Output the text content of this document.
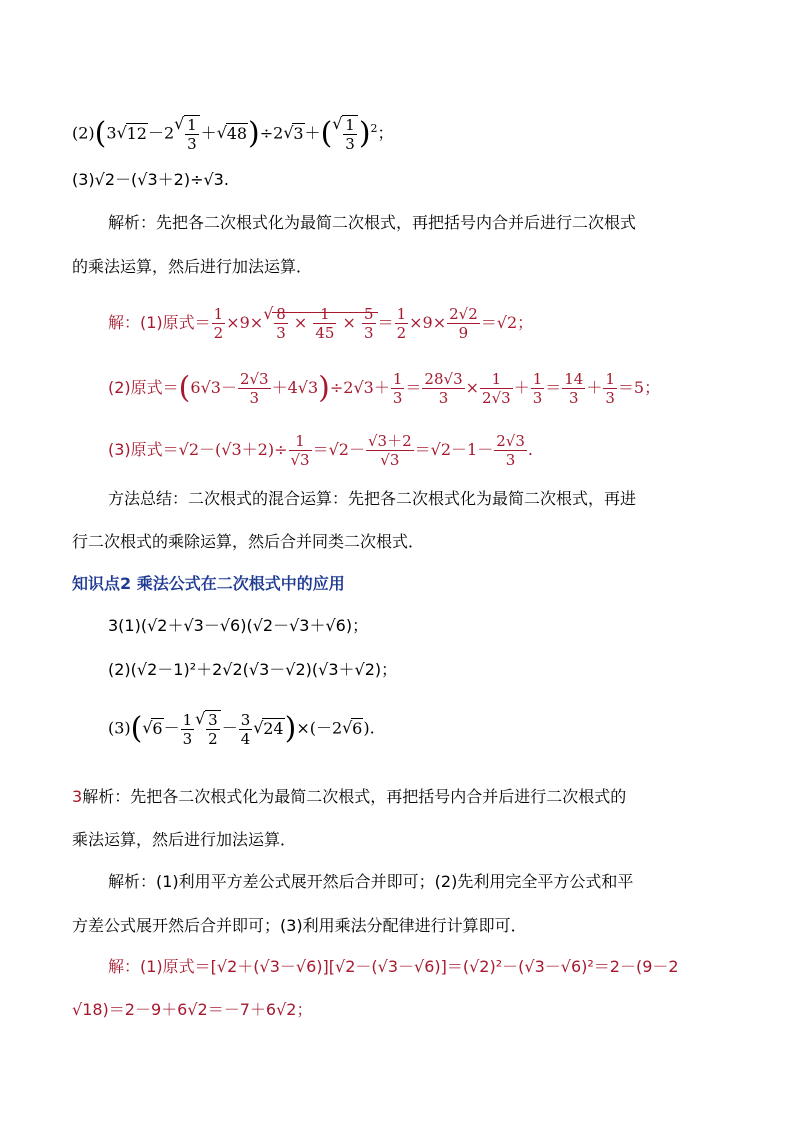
(2)(3 √ 12－2 √ $\frac{1}{3}$ ＋ √ 48)÷2 √ 3＋( √ $\frac{1}{3} )^2$；
(3)√2－(√3＋2)÷√3.
解析：先把各二次根式化为最简二次根式，再把括号内合并后进行二次根式
的乘法运算，然后进行加法运算．
解：(1)原式＝ $\frac{1}{2} \times 9\times$ √ $\frac{8}{3} \times \frac{1}{45} \times \frac{5}{3} = \frac{1}{2} \times 9\times \frac{2√2}{9} =√2$；
(2)原式$=(6√3- \frac{2√3}{3} +4√3)\div 2√3+ \frac{1}{3} = \frac{28√3}{3} \times \frac{1}{2√3} + \frac{1}{3} = \frac{14}{3} + \frac{1}{3} =5$；
(3)原式$=√2-(√3+2)\div \frac{1}{√3} =√2- \frac{√3+2}{√3} =√2-1- \frac{2√3}{3}$ .
方法总结：二次根式的混合运算：先把各二次根式化为最简二次根式，再进
行二次根式的乘除运算，然后合并同类二次根式．
知识点2 乘法公式在二次根式中的应用
3(1)(√2＋√3－√6)(√2－√3＋√6)；
(2)(√2－1)²＋2√2(√3－√2)(√3＋√2)；
(3)( √ $6- \frac{1}{3}$ √ $\frac{3}{2} - \frac{3}{4}$ √ 24)×(－2 √ 6).
3解析：先把各二次根式化为最简二次根式，再把括号内合并后进行二次根式的
乘法运算，然后进行加法运算．
解析：(1)利用平方差公式展开然后合并即可；(2)先利用完全平方公式和平
方差公式展开然后合并即可；(3)利用乘法分配律进行计算即可．
解：(1)原式＝[√2＋(√3－√6)][√2－(√3－√6)]＝(√2)²－(√3－√6)²＝2－(9－2
√18)＝2－9＋6√2＝－7＋6√2；
